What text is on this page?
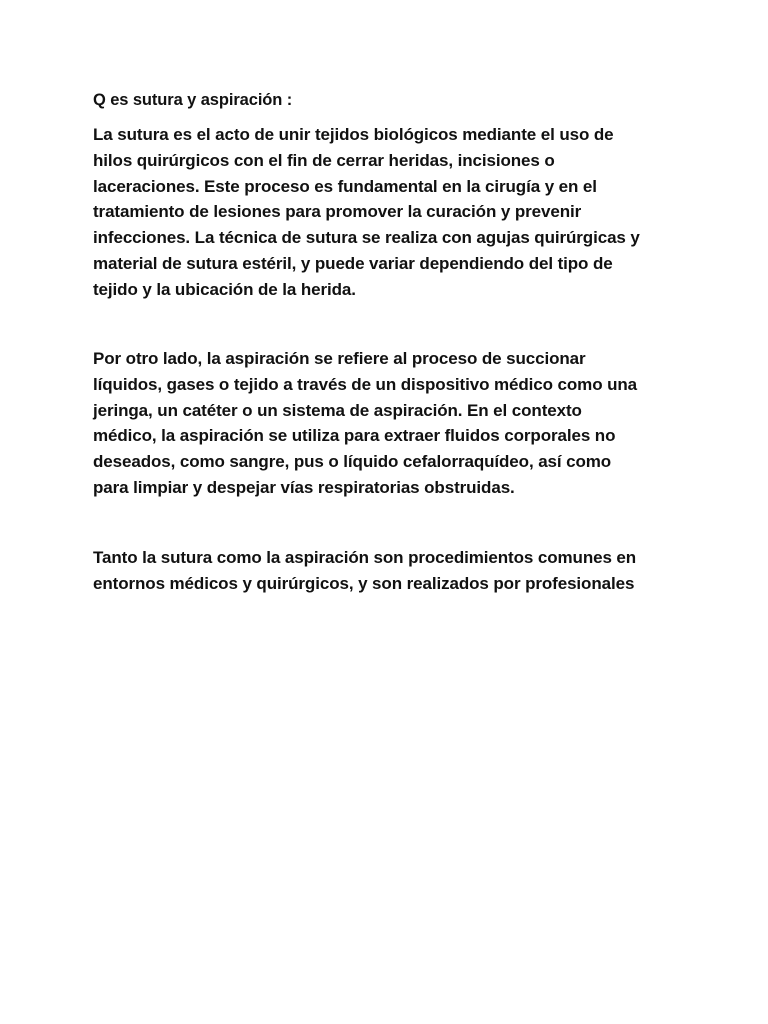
Q es sutura y aspiración :

La sutura es el acto de unir tejidos biológicos mediante el uso de
hilos quirúrgicos con el fin de cerrar heridas, incisiones o
laceraciones. Este proceso es fundamental en la cirugía y en el
tratamiento de lesiones para promover la curación y prevenir
infecciones. La técnica de sutura se realiza con agujas quirúrgicas y
material de sutura estéril, y puede variar dependiendo del tipo de
tejido y la ubicación de la herida.

Por otro lado, la aspiración se refiere al proceso de succionar
líquidos, gases o tejido a través de un dispositivo médico como una
jeringa, un catéter o un sistema de aspiración. En el contexto
médico, la aspiración se utiliza para extraer fluidos corporales no
deseados, como sangre, pus o líquido cefalorraquídeo, así como
para limpiar y despejar vías respiratorias obstruidas.

Tanto la sutura como la aspiración son procedimientos comunes en
entornos médicos y quirúrgicos, y son realizados por profesionales
